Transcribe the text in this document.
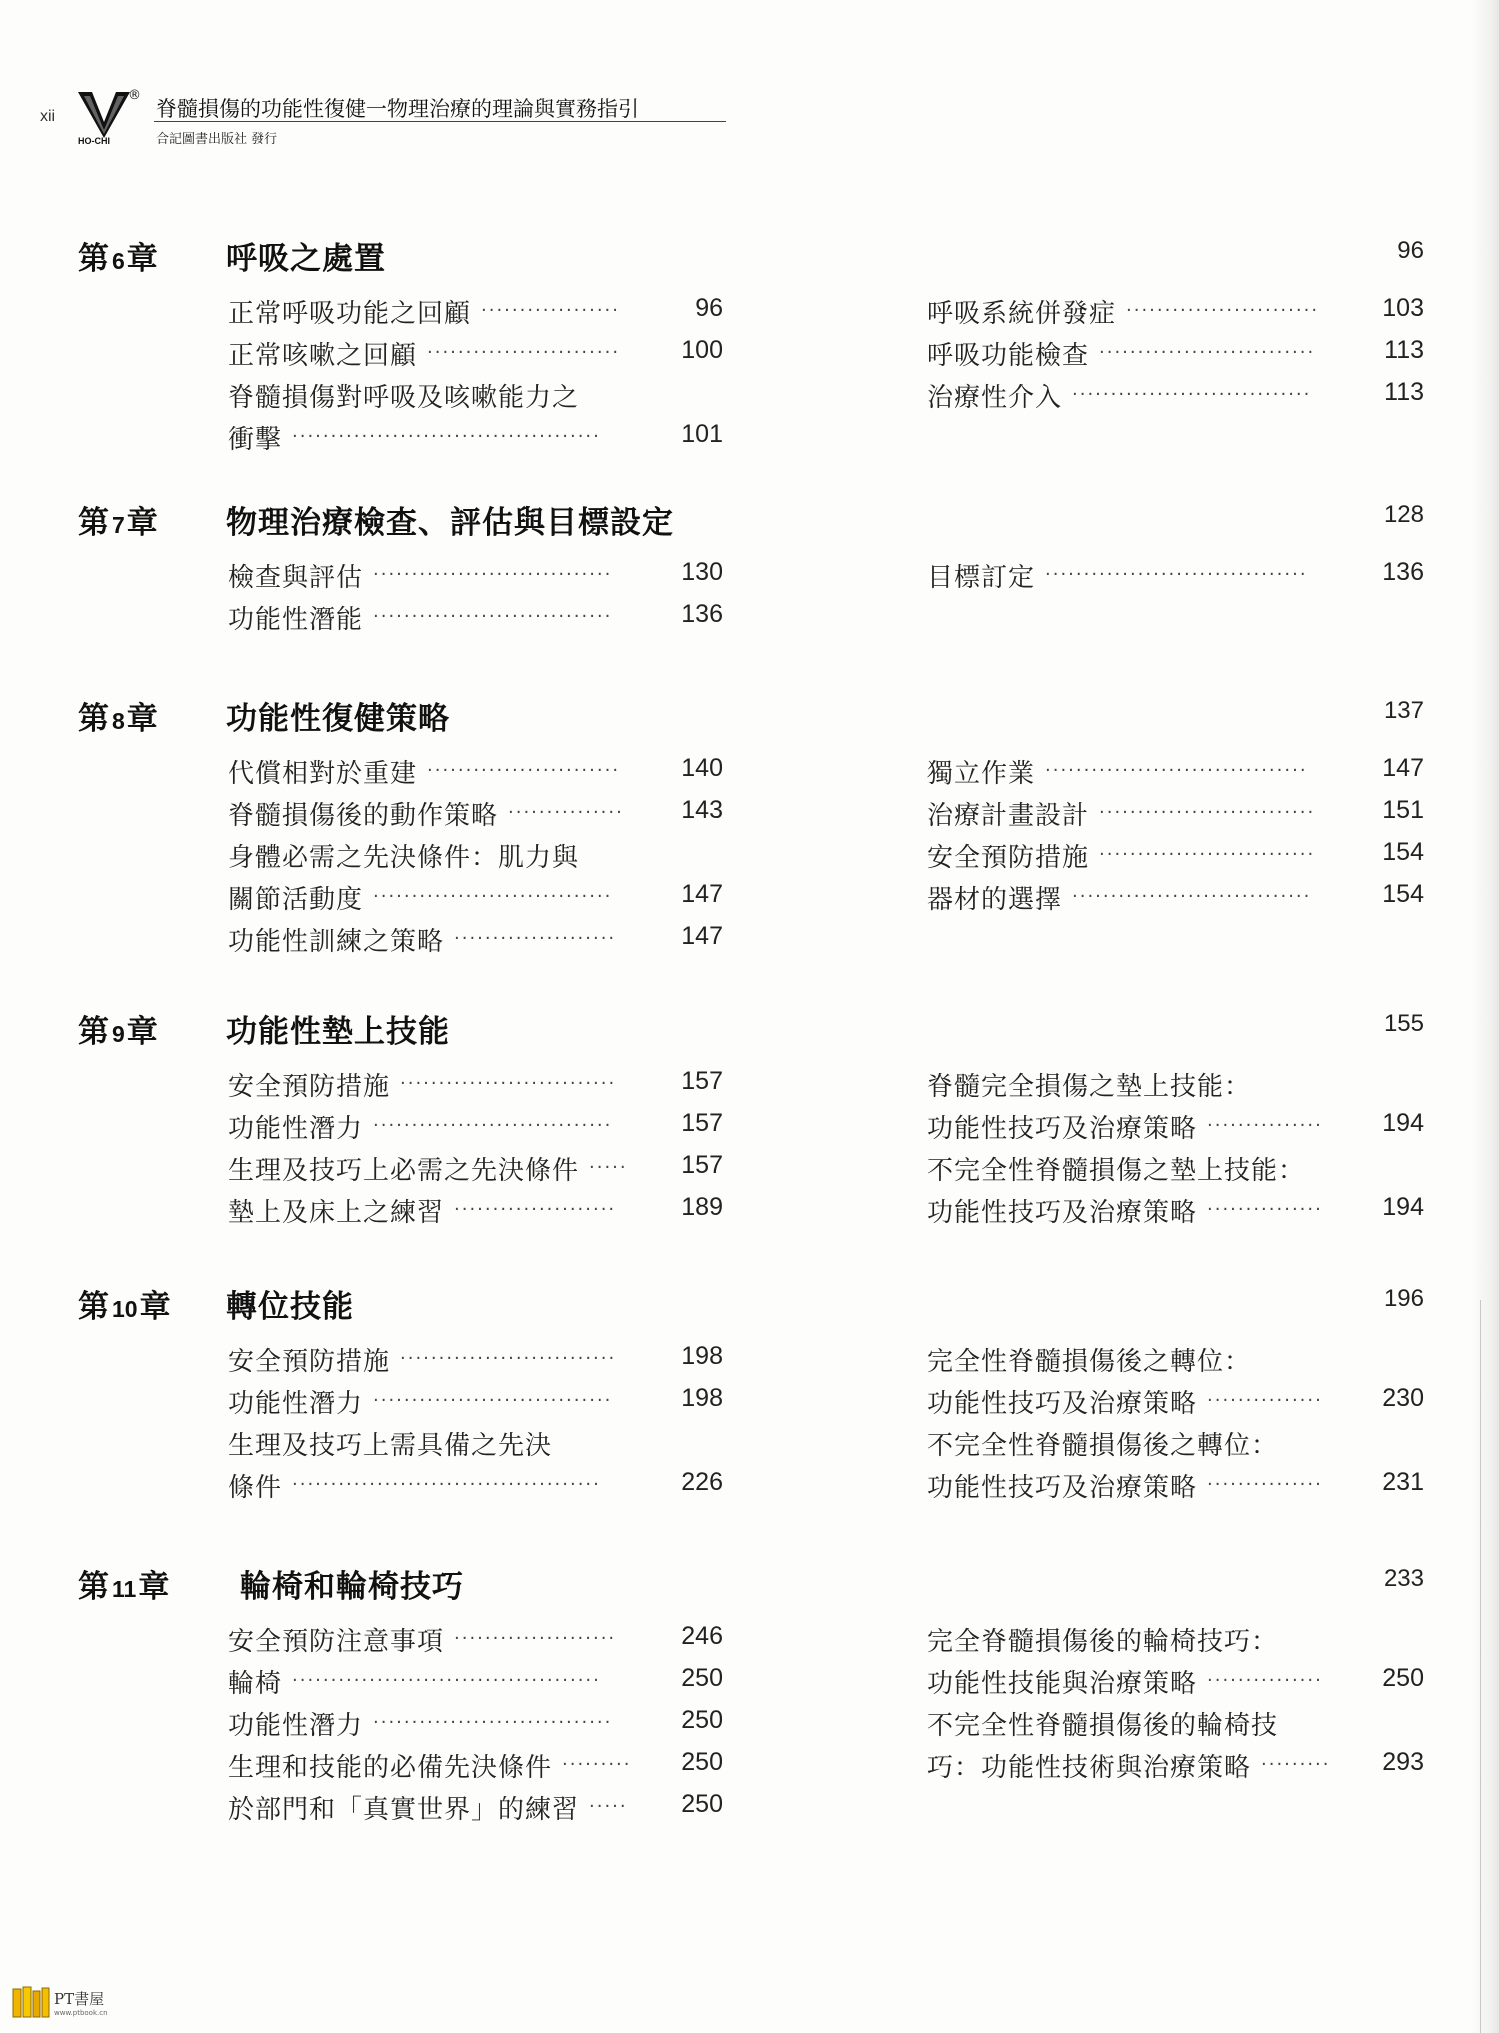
xii
HO-CHI
®
脊髓損傷的功能性復健一物理治療的理論與實務指引
合記圖書出版社 發行
第6章 呼吸之處置	96
正常呼吸功能之回顧 ··················	96
正常咳嗽之回顧 ·························	100
脊髓損傷對呼吸及咳嗽能力之
衝擊 ········································	101
呼吸系統併發症 ·························	103
呼吸功能檢查 ····························	113
治療性介入 ·······························	113
第7章 物理治療檢查、評估與目標設定	128
檢查與評估 ·······························	130
功能性潛能 ·······························	136
目標訂定 ··································	136
第8章 功能性復健策略	137
代償相對於重建 ·························	140
脊髓損傷後的動作策略 ···············	143
身體必需之先決條件：肌力與
關節活動度 ·······························	147
功能性訓練之策略 ·····················	147
獨立作業 ··································	147
治療計畫設計 ····························	151
安全預防措施 ····························	154
器材的選擇 ·······························	154
第9章 功能性墊上技能	155
安全預防措施 ····························	157
功能性潛力 ·······························	157
生理及技巧上必需之先決條件 ·····	157
墊上及床上之練習 ·····················	189
脊髓完全損傷之墊上技能：
功能性技巧及治療策略 ···············	194
不完全性脊髓損傷之墊上技能：
功能性技巧及治療策略 ···············	194
第10章 轉位技能	196
安全預防措施 ····························	198
功能性潛力 ·······························	198
生理及技巧上需具備之先決
條件 ········································	226
完全性脊髓損傷後之轉位：
功能性技巧及治療策略 ···············	230
不完全性脊髓損傷後之轉位：
功能性技巧及治療策略 ···············	231
第11章 輪椅和輪椅技巧	233
安全預防注意事項 ·····················	246
輪椅 ········································	250
功能性潛力 ·······························	250
生理和技能的必備先決條件 ·········	250
於部門和「真實世界」的練習 ·····	250
完全脊髓損傷後的輪椅技巧：
功能性技能與治療策略 ···············	250
不完全性脊髓損傷後的輪椅技
巧：功能性技術與治療策略 ·········	293
PT書屋
www.ptbook.cn
